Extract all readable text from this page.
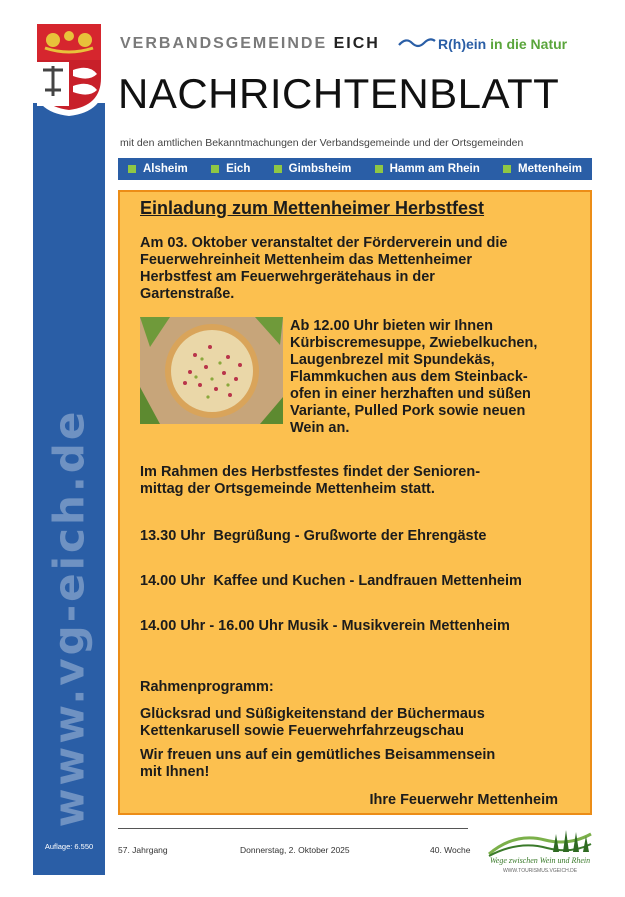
www.vg-eich.de
Auflage: 6.550
VERBANDSGEMEINDE EICH	R(h)ein in die Natur
NACHRICHTENBLATT
mit den amtlichen Bekanntmachungen der Verbandsgemeinde und der Ortsgemeinden
Alsheim	Eich	Gimbsheim	Hamm am Rhein	Mettenheim

Einladung zum Mettenheimer Herbstfest

Am 03. Oktober veranstaltet der Förderverein und die
Feuerwehreinheit Mettenheim das Mettenheimer
Herbstfest am Feuerwehrgerätehaus in der
Gartenstraße.

Ab 12.00 Uhr bieten wir Ihnen
Kürbiscremesuppe, Zwiebelkuchen,
Laugenbrezel mit Spundekäs,
Flammkuchen aus dem Steinback-
ofen in einer herzhaften und süßen
Variante, Pulled Pork sowie neuen
Wein an.

Im Rahmen des Herbstfestes findet der Senioren-
mittag der Ortsgemeinde Mettenheim statt.

13.30 Uhr Begrüßung - Grußworte der Ehrengäste

14.00 Uhr Kaffee und Kuchen - Landfrauen Mettenheim

14.00 Uhr - 16.00 Uhr Musik - Musikverein Mettenheim

Rahmenprogramm:

Glücksrad und Süßigkeitenstand der Büchermaus
Kettenkarusell sowie Feuerwehrfahrzeugschau

Wir freuen uns auf ein gemütliches Beisammensein
mit Ihnen!

Ihre Feuerwehr Mettenheim

57. Jahrgang	Donnerstag, 2. Oktober 2025	40. Woche
Wege zwischen Wein und Rhein
WWW.TOURISMUS.VGEICH.DE
